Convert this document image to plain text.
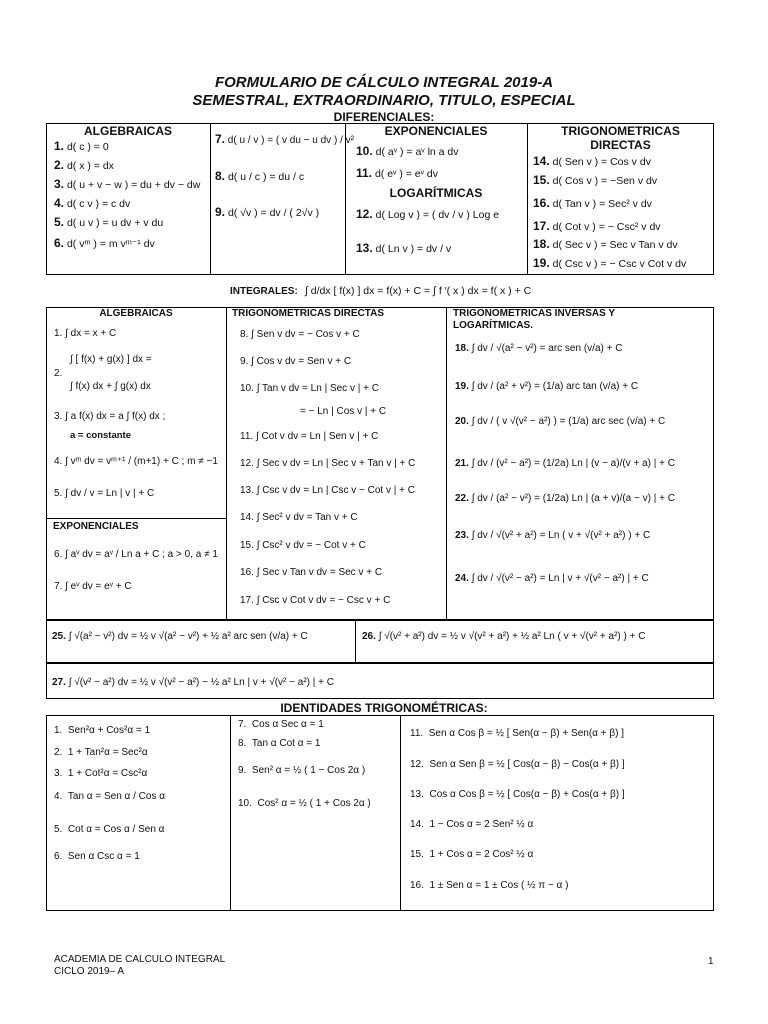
FORMULARIO DE CÁLCULO INTEGRAL 2019-A
SEMESTRAL, EXTRAORDINARIO, TITULO, ESPECIAL
DIFERENCIALES:
ALGEBRAICAS
1. d( c ) = 0
2. d( x ) = dx
3. d( u + v − w ) = du + dv − dw
4. d( c v ) = c dv
5. d( u v ) = u dv + v du
6. d( vᵐ ) = m vᵐ⁻¹ dv
7. d( u / v ) = ( v du − u dv ) / v²
8. d( u / c ) = du / c
9. d( √v ) = dv / ( 2√v )
EXPONENCIALES
10. d( aᵛ ) = aᵛ ln a dv
11. d( eᵛ ) = eᵛ dv
LOGARÍTMICAS
12. d( Log v ) = ( dv / v ) Log e
13. d( Ln v ) = dv / v
TRIGONOMETRICAS
DIRECTAS
14. d( Sen v ) = Cos v dv
15. d( Cos v ) = −Sen v dv
16. d( Tan v ) = Sec² v dv
17. d( Cot v ) = − Csc² v dv
18. d( Sec v ) = Sec v Tan v dv
19. d( Csc v ) = − Csc v Cot v dv
INTEGRALES: ∫ d/dx [ f(x) ] dx = f(x) + C = ∫ f ′( x ) dx = f( x ) + C
ALGEBRAICAS
1. ∫ dx = x + C
2.
∫ [ f(x) + g(x) ] dx =
∫ f(x) dx + ∫ g(x) dx
3. ∫ a f(x) dx = a ∫ f(x) dx ;
a = constante
4. ∫ vᵐ dv = vᵐ⁺¹ / (m+1) + C ; m ≠ −1
5. ∫ dv / v = Ln | v | + C
EXPONENCIALES
6. ∫ aᵛ dv = aᵛ / Ln a + C ; a > 0, a ≠ 1
7. ∫ eᵛ dv = eᵛ + C
TRIGONOMETRICAS DIRECTAS
8. ∫ Sen v dv = − Cos v + C
9. ∫ Cos v dv = Sen v + C
10. ∫ Tan v dv = Ln | Sec v | + C
= − Ln | Cos v | + C
11. ∫ Cot v dv = Ln | Sen v | + C
12. ∫ Sec v dv = Ln | Sec v + Tan v | + C
13. ∫ Csc v dv = Ln | Csc v − Cot v | + C
14. ∫ Sec² v dv = Tan v + C
15. ∫ Csc² v dv = − Cot v + C
16. ∫ Sec v Tan v dv = Sec v + C
17. ∫ Csc v Cot v dv = − Csc v + C
TRIGONOMETRICAS INVERSAS Y
LOGARÍTMICAS.
18. ∫ dv / √(a² − v²) = arc sen (v/a) + C
19. ∫ dv / (a² + v²) = (1/a) arc tan (v/a) + C
20. ∫ dv / ( v √(v² − a²) ) = (1/a) arc sec (v/a) + C
21. ∫ dv / (v² − a²) = (1/2a) Ln | (v − a)/(v + a) | + C
22. ∫ dv / (a² − v²) = (1/2a) Ln | (a + v)/(a − v) | + C
23. ∫ dv / √(v² + a²) = Ln ( v + √(v² + a²) ) + C
24. ∫ dv / √(v² − a²) = Ln | v + √(v² − a²) | + C
25. ∫ √(a² − v²) dv = ½ v √(a² − v²) + ½ a² arc sen (v/a) + C	26. ∫ √(v² + a²) dv = ½ v √(v² + a²) + ½ a² Ln ( v + √(v² + a²) ) + C
27. ∫ √(v² − a²) dv = ½ v √(v² − a²) − ½ a² Ln | v + √(v² − a²) | + C
IDENTIDADES TRIGONOMÉTRICAS:
1. Sen²α + Cos²α = 1
2. 1 + Tan²α = Sec²α
3. 1 + Cot²α = Csc²α
4. Tan α = Sen α / Cos α
5. Cot α = Cos α / Sen α
6. Sen α Csc α = 1
7. Cos α Sec α = 1
8. Tan α Cot α = 1
9. Sen² α = ½ ( 1 − Cos 2α )
10. Cos² α = ½ ( 1 + Cos 2α )
11. Sen α Cos β = ½ [ Sen(α − β) + Sen(α + β) ]
12. Sen α Sen β = ½ [ Cos(α − β) − Cos(α + β) ]
13. Cos α Cos β = ½ [ Cos(α − β) + Cos(α + β) ]
14. 1 − Cos α = 2 Sen² ½ α
15. 1 + Cos α = 2 Cos² ½ α
16. 1 ± Sen α = 1 ± Cos ( ½ π − α )
ACADEMIA DE CALCULO INTEGRAL
CICLO 2019– A
1
